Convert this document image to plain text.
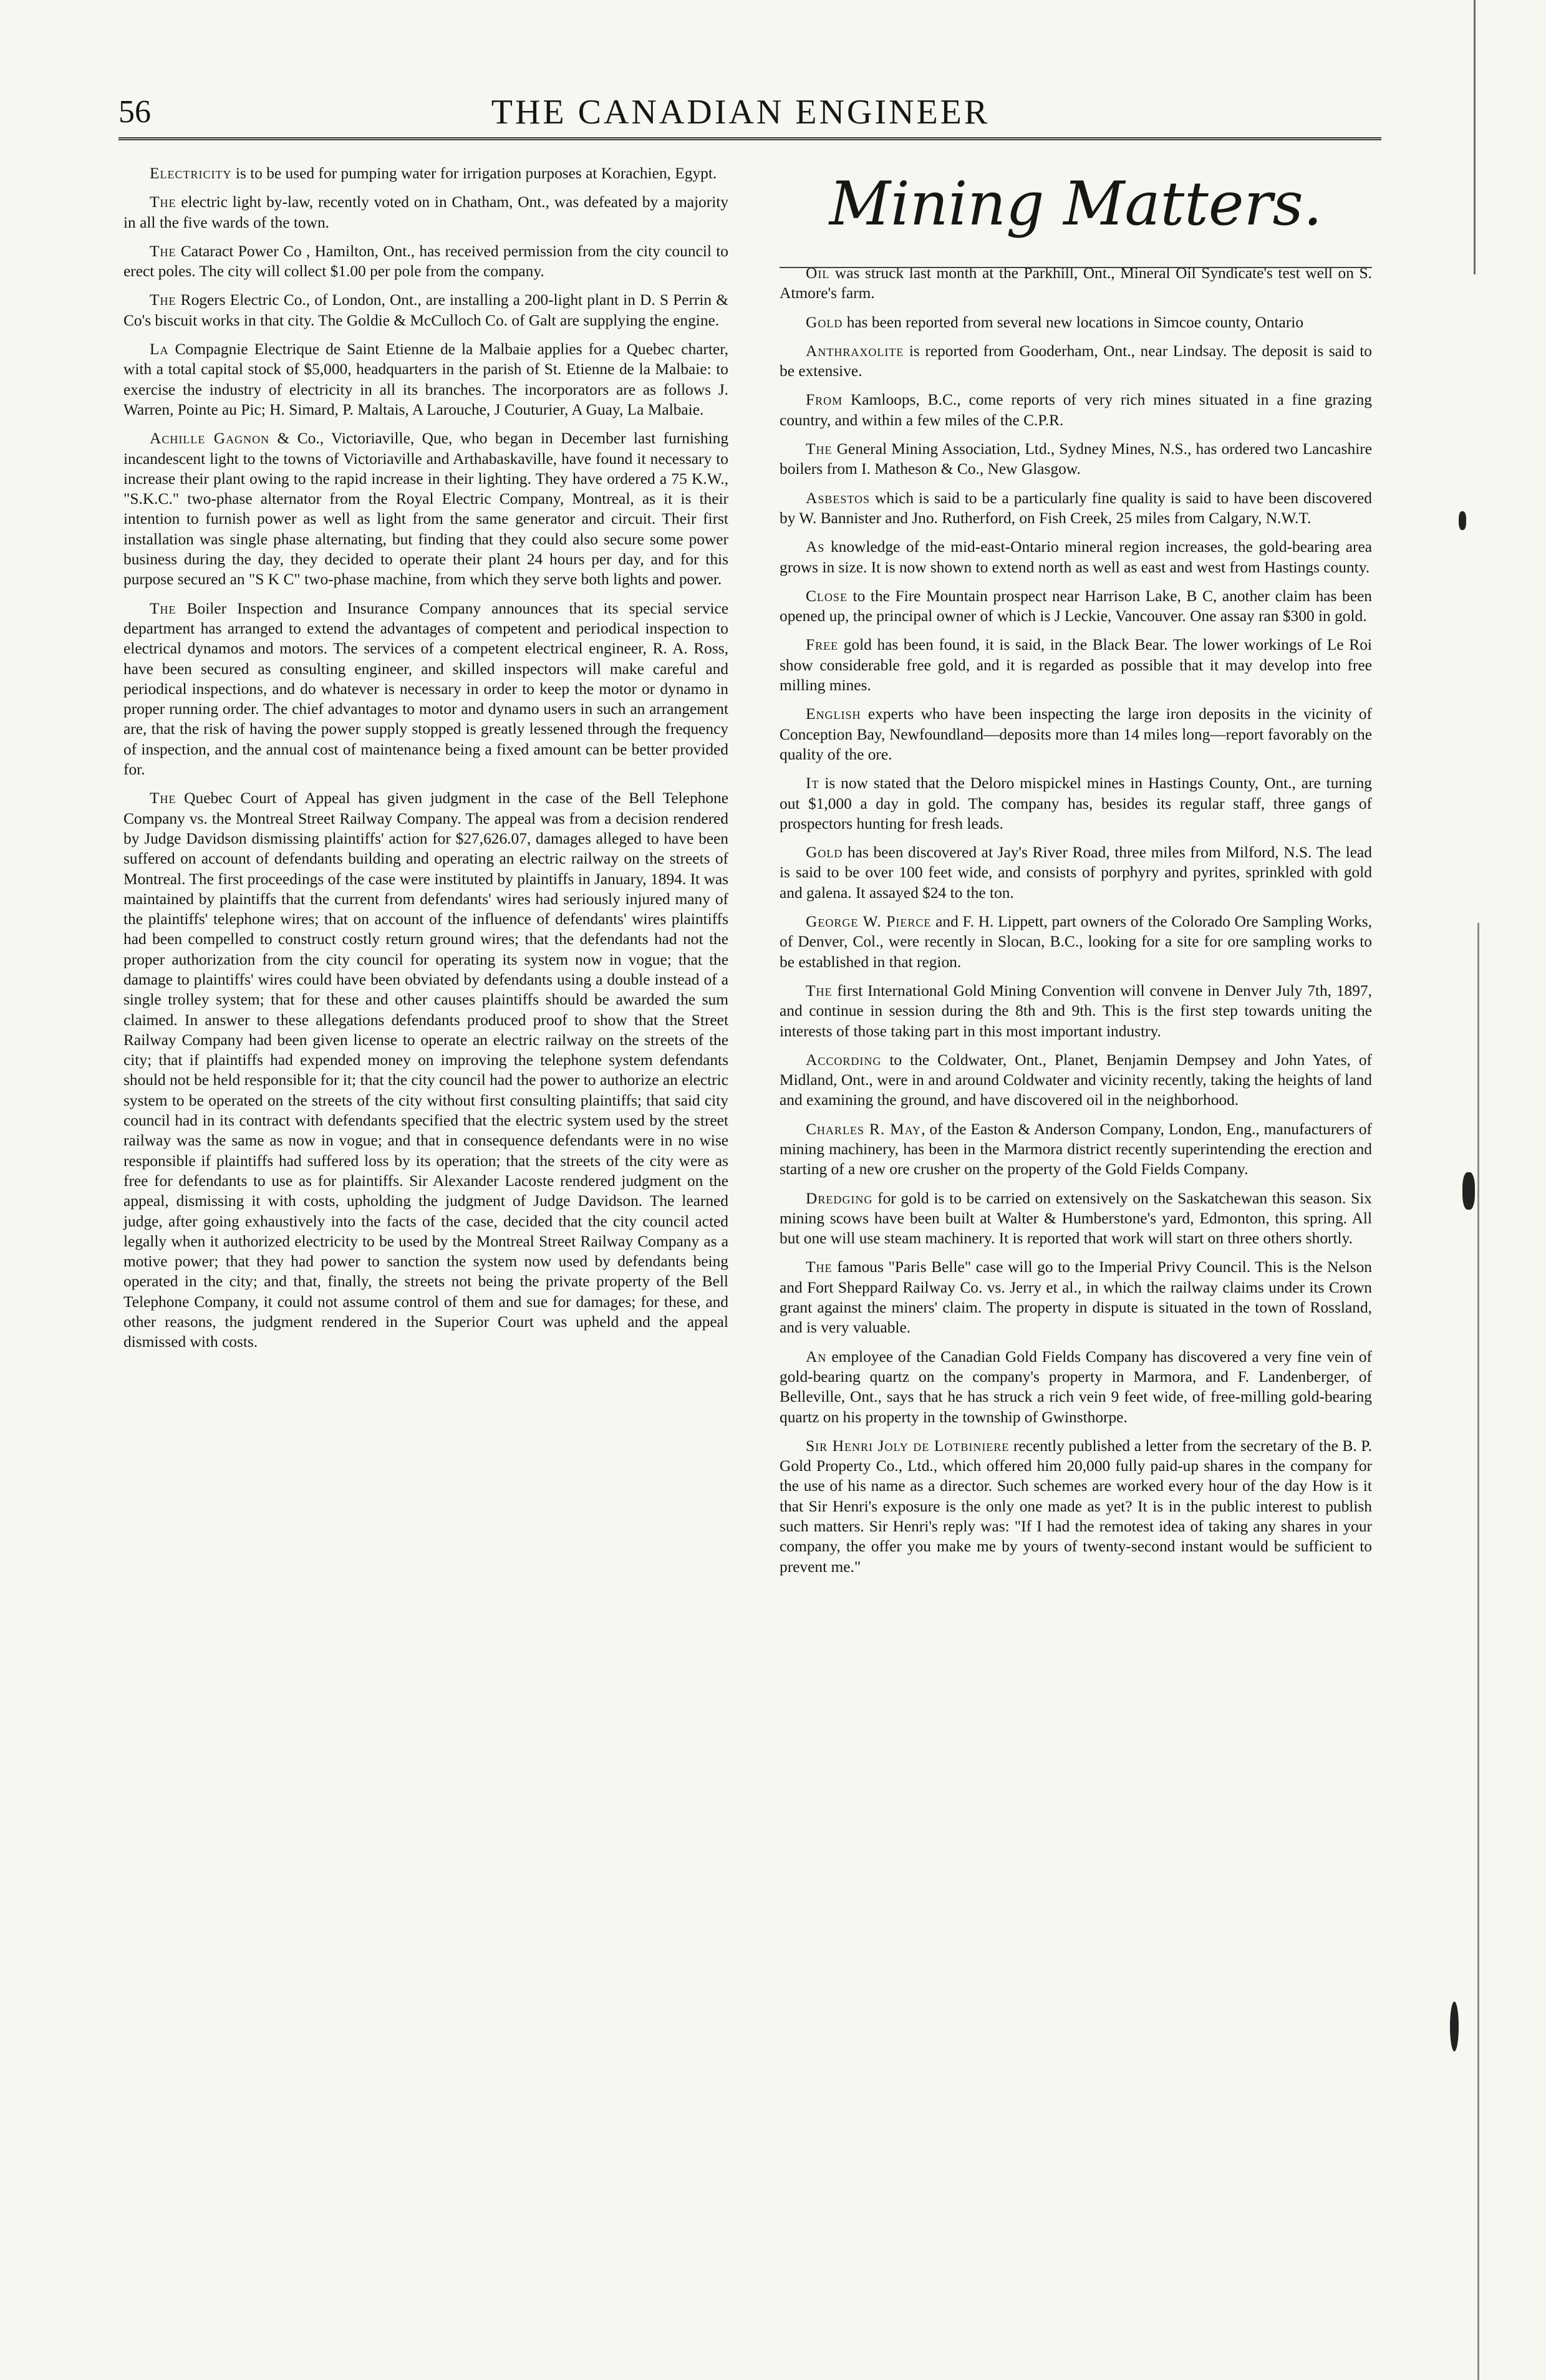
56	THE CANADIAN ENGINEER

Electricity is to be used for pumping water for irrigation purposes at Korachien, Egypt.

The electric light by-law, recently voted on in Chatham, Ont., was defeated by a majority in all the five wards of the town.

The Cataract Power Co , Hamilton, Ont., has received permission from the city council to erect poles. The city will collect $1.00 per pole from the company.

The Rogers Electric Co., of London, Ont., are installing a 200-light plant in D. S Perrin & Co's biscuit works in that city. The Goldie & McCulloch Co. of Galt are supplying the engine.

La Compagnie Electrique de Saint Etienne de la Malbaie applies for a Quebec charter, with a total capital stock of $5,000, headquarters in the parish of St. Etienne de la Malbaie: to exercise the industry of electricity in all its branches. The incorporators are as follows J. Warren, Pointe au Pic; H. Simard, P. Maltais, A Larouche, J Couturier, A Guay, La Malbaie.

Achille Gagnon & Co., Victoriaville, Que, who began in December last furnishing incandescent light to the towns of Victoriaville and Arthabaskaville, have found it necessary to increase their plant owing to the rapid increase in their lighting. They have ordered a 75 K.W., "S.K.C." two-phase alternator from the Royal Electric Company, Montreal, as it is their intention to furnish power as well as light from the same generator and circuit. Their first installation was single phase alternating, but finding that they could also secure some power business during the day, they decided to operate their plant 24 hours per day, and for this purpose secured an "S K C" two-phase machine, from which they serve both lights and power.

The Boiler Inspection and Insurance Company announces that its special service department has arranged to extend the advantages of competent and periodical inspection to electrical dynamos and motors. The services of a competent electrical engineer, R. A. Ross, have been secured as consulting engineer, and skilled inspectors will make careful and periodical inspections, and do whatever is necessary in order to keep the motor or dynamo in proper running order. The chief advantages to motor and dynamo users in such an arrangement are, that the risk of having the power supply stopped is greatly lessened through the frequency of inspection, and the annual cost of maintenance being a fixed amount can be better provided for.

The Quebec Court of Appeal has given judgment in the case of the Bell Telephone Company vs. the Montreal Street Railway Company. The appeal was from a decision rendered by Judge Davidson dismissing plaintiffs' action for $27,626.07, damages alleged to have been suffered on account of defendants building and operating an electric railway on the streets of Montreal. The first proceedings of the case were instituted by plaintiffs in January, 1894. It was maintained by plaintiffs that the current from defendants' wires had seriously injured many of the plaintiffs' telephone wires; that on account of the influence of defendants' wires plaintiffs had been compelled to construct costly return ground wires; that the defendants had not the proper authorization from the city council for operating its system now in vogue; that the damage to plaintiffs' wires could have been obviated by defendants using a double instead of a single trolley system; that for these and other causes plaintiffs should be awarded the sum claimed. In answer to these allegations defendants produced proof to show that the Street Railway Company had been given license to operate an electric railway on the streets of the city; that if plaintiffs had expended money on improving the telephone system defendants should not be held responsible for it; that the city council had the power to authorize an electric system to be operated on the streets of the city without first consulting plaintiffs; that said city council had in its contract with defendants specified that the electric system used by the street railway was the same as now in vogue; and that in consequence defendants were in no wise responsible if plaintiffs had suffered loss by its operation; that the streets of the city were as free for defendants to use as for plaintiffs. Sir Alexander Lacoste rendered judgment on the appeal, dismissing it with costs, upholding the judgment of Judge Davidson. The learned judge, after going exhaustively into the facts of the case, decided that the city council acted legally when it authorized electricity to be used by the Montreal Street Railway Company as a motive power; that they had power to sanction the system now used by defendants being operated in the city; and that, finally, the streets not being the private property of the Bell Telephone Company, it could not assume control of them and sue for damages; for these, and other reasons, the judgment rendered in the Superior Court was upheld and the appeal dismissed with costs.

Mining Matters.

Oil was struck last month at the Parkhill, Ont., Mineral Oil Syndicate's test well on S. Atmore's farm.

Gold has been reported from several new locations in Simcoe county, Ontario

Anthraxolite is reported from Gooderham, Ont., near Lindsay. The deposit is said to be extensive.

From Kamloops, B.C., come reports of very rich mines situated in a fine grazing country, and within a few miles of the C.P.R.

The General Mining Association, Ltd., Sydney Mines, N.S., has ordered two Lancashire boilers from I. Matheson & Co., New Glasgow.

Asbestos which is said to be a particularly fine quality is said to have been discovered by W. Bannister and Jno. Rutherford, on Fish Creek, 25 miles from Calgary, N.W.T.

As knowledge of the mid-east-Ontario mineral region increases, the gold-bearing area grows in size. It is now shown to extend north as well as east and west from Hastings county.

Close to the Fire Mountain prospect near Harrison Lake, B C, another claim has been opened up, the principal owner of which is J Leckie, Vancouver. One assay ran $300 in gold.

Free gold has been found, it is said, in the Black Bear. The lower workings of Le Roi show considerable free gold, and it is regarded as possible that it may develop into free milling mines.

English experts who have been inspecting the large iron deposits in the vicinity of Conception Bay, Newfoundland—deposits more than 14 miles long—report favorably on the quality of the ore.

It is now stated that the Deloro mispickel mines in Hastings County, Ont., are turning out $1,000 a day in gold. The company has, besides its regular staff, three gangs of prospectors hunting for fresh leads.

Gold has been discovered at Jay's River Road, three miles from Milford, N.S. The lead is said to be over 100 feet wide, and consists of porphyry and pyrites, sprinkled with gold and galena. It assayed $24 to the ton.

George W. Pierce and F. H. Lippett, part owners of the Colorado Ore Sampling Works, of Denver, Col., were recently in Slocan, B.C., looking for a site for ore sampling works to be established in that region.

The first International Gold Mining Convention will convene in Denver July 7th, 1897, and continue in session during the 8th and 9th. This is the first step towards uniting the interests of those taking part in this most important industry.

According to the Coldwater, Ont., Planet, Benjamin Dempsey and John Yates, of Midland, Ont., were in and around Coldwater and vicinity recently, taking the heights of land and examining the ground, and have discovered oil in the neighborhood.

Charles R. May, of the Easton & Anderson Company, London, Eng., manufacturers of mining machinery, has been in the Marmora district recently superintending the erection and starting of a new ore crusher on the property of the Gold Fields Company.

Dredging for gold is to be carried on extensively on the Saskatchewan this season. Six mining scows have been built at Walter & Humberstone's yard, Edmonton, this spring. All but one will use steam machinery. It is reported that work will start on three others shortly.

The famous "Paris Belle" case will go to the Imperial Privy Council. This is the Nelson and Fort Sheppard Railway Co. vs. Jerry et al., in which the railway claims under its Crown grant against the miners' claim. The property in dispute is situated in the town of Rossland, and is very valuable.

An employee of the Canadian Gold Fields Company has discovered a very fine vein of gold-bearing quartz on the company's property in Marmora, and F. Landenberger, of Belleville, Ont., says that he has struck a rich vein 9 feet wide, of free-milling gold-bearing quartz on his property in the township of Gwinsthorpe.

Sir Henri Joly de Lotbiniere recently published a letter from the secretary of the B. P. Gold Property Co., Ltd., which offered him 20,000 fully paid-up shares in the company for the use of his name as a director. Such schemes are worked every hour of the day How is it that Sir Henri's exposure is the only one made as yet? It is in the public interest to publish such matters. Sir Henri's reply was: "If I had the remotest idea of taking any shares in your company, the offer you make me by yours of twenty-second instant would be sufficient to prevent me."
